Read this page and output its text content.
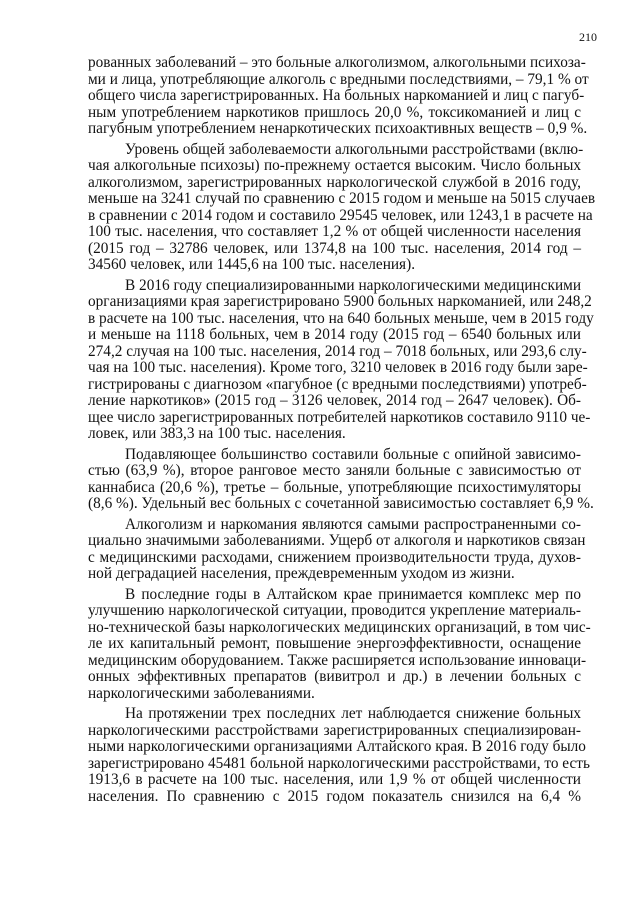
210
рованных заболеваний – это больные алкоголизмом, алкогольными психоза-
ми и лица, употребляющие алкоголь с вредными последствиями, – 79,1 % от
общего числа зарегистрированных. На больных наркоманией и лиц с пагуб-
ным употреблением наркотиков пришлось 20,0 %, токсикоманией и лиц с
пагубным употреблением ненаркотических психоактивных веществ – 0,9 %.
Уровень общей заболеваемости алкогольными расстройствами (вклю-
чая алкогольные психозы) по-прежнему остается высоким. Число больных
алкоголизмом, зарегистрированных наркологической службой в 2016 году,
меньше на 3241 случай по сравнению с 2015 годом и меньше на 5015 случаев
в сравнении с 2014 годом и составило 29545 человек, или 1243,1 в расчете на
100 тыс. населения, что составляет 1,2 % от общей численности населения
(2015 год – 32786 человек, или 1374,8 на 100 тыс. населения, 2014 год –
34560 человек, или 1445,6 на 100 тыс. населения).
В 2016 году специализированными наркологическими медицинскими
организациями края зарегистрировано 5900 больных наркоманией, или 248,2
в расчете на 100 тыс. населения, что на 640 больных меньше, чем в 2015 году
и меньше на 1118 больных, чем в 2014 году (2015 год – 6540 больных или
274,2 случая на 100 тыс. населения, 2014 год – 7018 больных, или 293,6 слу-
чая на 100 тыс. населения). Кроме того, 3210 человек в 2016 году были заре-
гистрированы с диагнозом «пагубное (с вредными последствиями) употреб-
ление наркотиков» (2015 год – 3126 человек, 2014 год – 2647 человек). Об-
щее число зарегистрированных потребителей наркотиков составило 9110 че-
ловек, или 383,3 на 100 тыс. населения.
Подавляющее большинство составили больные с опийной зависимо-
стью (63,9 %), второе ранговое место заняли больные с зависимостью от
каннабиса (20,6 %), третье – больные, употребляющие психостимуляторы
(8,6 %). Удельный вес больных с сочетанной зависимостью составляет 6,9 %.
Алкоголизм и наркомания являются самыми распространенными со-
циально значимыми заболеваниями. Ущерб от алкоголя и наркотиков связан
с медицинскими расходами, снижением производительности труда, духов-
ной деградацией населения, преждевременным уходом из жизни.
В последние годы в Алтайском крае принимается комплекс мер по
улучшению наркологической ситуации, проводится укрепление материаль-
но-технической базы наркологических медицинских организаций, в том чис-
ле их капитальный ремонт, повышение энергоэффективности, оснащение
медицинским оборудованием. Также расширяется использование инноваци-
онных эффективных препаратов (вивитрол и др.) в лечении больных с
наркологическими заболеваниями.
На протяжении трех последних лет наблюдается снижение больных
наркологическими расстройствами зарегистрированных специализирован-
ными наркологическими организациями Алтайского края. В 2016 году было
зарегистрировано 45481 больной наркологическими расстройствами, то есть
1913,6 в расчете на 100 тыс. населения, или 1,9 % от общей численности
населения. По сравнению с 2015 годом показатель снизился на 6,4 %
